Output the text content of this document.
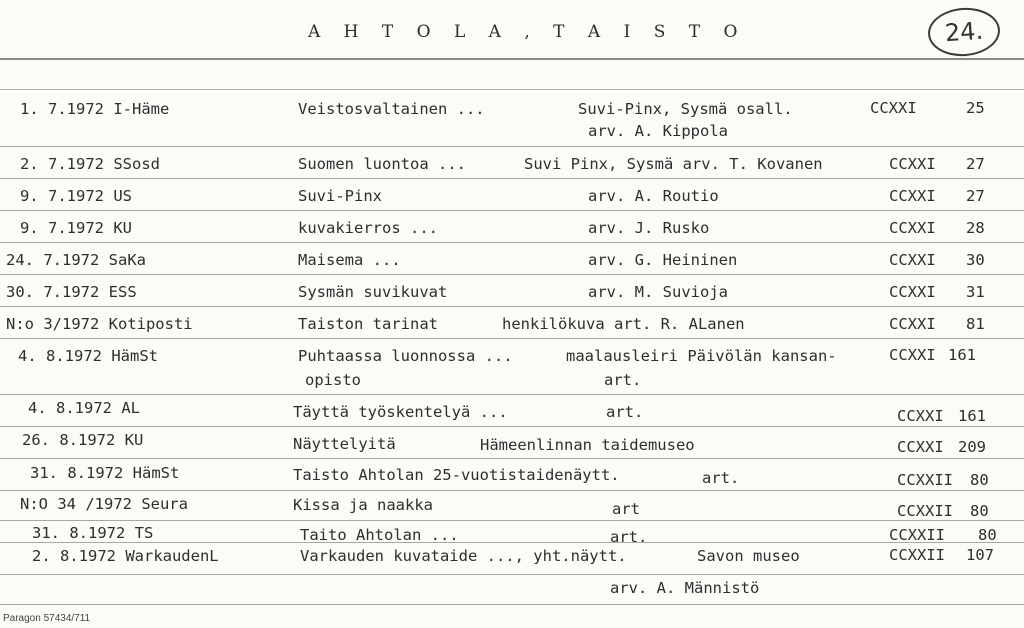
A H T O L A , T A I S T O	24.
1. 7.1972 I-Häme	Veistosvaltainen ...	Suvi-Pinx, Sysmä osall.	CCXXI	25
arv. A. Kippola
2. 7.1972 SSosd	Suomen luontoa ...	Suvi Pinx, Sysmä arv. T. Kovanen	CCXXI 27
9. 7.1972 US	Suvi-Pinx	arv. A. Routio	CCXXI 27
9. 7.1972 KU	kuvakierros ...	arv. J. Rusko	CCXXI 28
24. 7.1972 SaKa	Maisema ...	arv. G. Heininen	CCXXI 30
30. 7.1972 ESS	Sysmän suvikuvat	arv. M. Suvioja	CCXXI 31
N:o 3/1972 Kotiposti	Taiston tarinat	henkilökuva art. R. ALanen	CCXXI 81
4. 8.1972 HämSt	Puhtaassa luonnossa ...	maalausleiri Päivölän kansan-	CCXXI 161
opisto	art.
4. 8.1972 AL	Täyttä työskentelyä ...	art.	CCXXI 161
26. 8.1972 KU	Näyttelyitä	Hämeenlinnan taidemuseo	CCXXI 209
31. 8.1972 HämSt	Taisto Ahtolan 25-vuotistaidenäytt.	art.	CCXXII 80
N:O 34 /1972 Seura	Kissa ja naakka	art	CCXXII 80
31. 8.1972 TS	Taito Ahtolan ...	art.	CCXXII 80
2. 8.1972 WarkaudenL	Varkauden kuvataide ..., yht.näytt.	Savon museo	CCXXII 107
arv. A. Männistö
Paragon 57434/711
